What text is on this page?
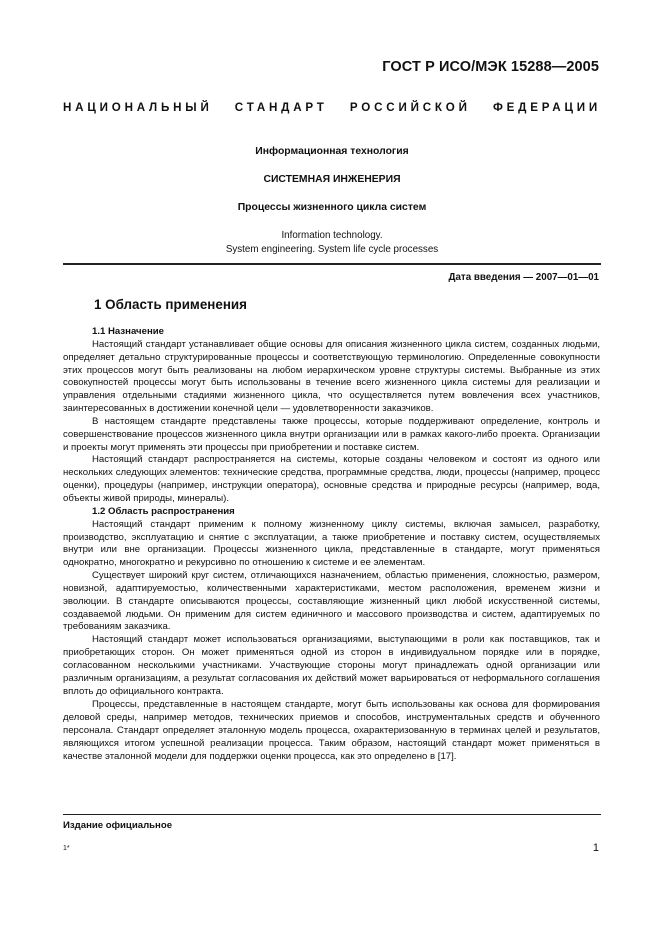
ГОСТ Р ИСО/МЭК 15288—2005
НАЦИОНАЛЬНЫЙ СТАНДАРТ РОССИЙСКОЙ ФЕДЕРАЦИИ

Информационная технология

СИСТЕМНАЯ ИНЖЕНЕРИЯ

Процессы жизненного цикла систем

Information technology.

System engineering. System life cycle processes

Дата введения — 2007—01—01
1 Область применения

1.1 Назначение

Настоящий стандарт устанавливает общие основы для описания жизненного цикла систем, созданных людьми, определяет детально структурированные процессы и соответствующую терминологию. Определенные совокупности этих процессов могут быть реализованы на любом иерархическом уровне структуры системы. Выбранные из этих совокупностей процессы могут быть использованы в течение всего жизненного цикла системы для реализации и управления отдельными стадиями жизненного цикла, что осуществляется путем вовлечения всех участников, заинтересованных в достижении конечной цели — удовлетворенности заказчиков.

В настоящем стандарте представлены также процессы, которые поддерживают определение, контроль и совершенствование процессов жизненного цикла внутри организации или в рамках какого-либо проекта. Организации и проекты могут применять эти процессы при приобретении и поставке систем.

Настоящий стандарт распространяется на системы, которые созданы человеком и состоят из одного или нескольких следующих элементов: технические средства, программные средства, люди, процессы (например, процесс оценки), процедуры (например, инструкции оператора), основные средства и природные ресурсы (например, вода, объекты живой природы, минералы).

1.2 Область распространения

Настоящий стандарт применим к полному жизненному циклу системы, включая замысел, разработку, производство, эксплуатацию и снятие с эксплуатации, а также приобретение и поставку систем, осуществляемых внутри или вне организации. Процессы жизненного цикла, представленные в стандарте, могут применяться однократно, многократно и рекурсивно по отношению к системе и ее элементам.

Существует широкий круг систем, отличающихся назначением, областью применения, сложностью, размером, новизной, адаптируемостью, количественными характеристиками, местом расположения, временем жизни и эволюции. В стандарте описываются процессы, составляющие жизненный цикл любой искусственной системы, создаваемой людьми. Он применим для систем единичного и массового производства и систем, адаптируемых по требованиям заказчика.

Настоящий стандарт может использоваться организациями, выступающими в роли как поставщиков, так и приобретающих сторон. Он может применяться одной из сторон в индивидуальном порядке или в порядке, согласованном несколькими участниками. Участвующие стороны могут принадлежать одной организации или различным организациям, а результат согласования их действий может варьироваться от неформального соглашения вплоть до официального контракта.

Процессы, представленные в настоящем стандарте, могут быть использованы как основа для формирования деловой среды, например методов, технических приемов и способов, инструментальных средств и обученного персонала. Стандарт определяет эталонную модель процесса, охарактеризованную в терминах целей и результатов, являющихся итогом успешной реализации процесса. Таким образом, настоящий стандарт может применяться в качестве эталонной модели для поддержки оценки процесса, как это определено в [17].

Издание официальное
1*	1
